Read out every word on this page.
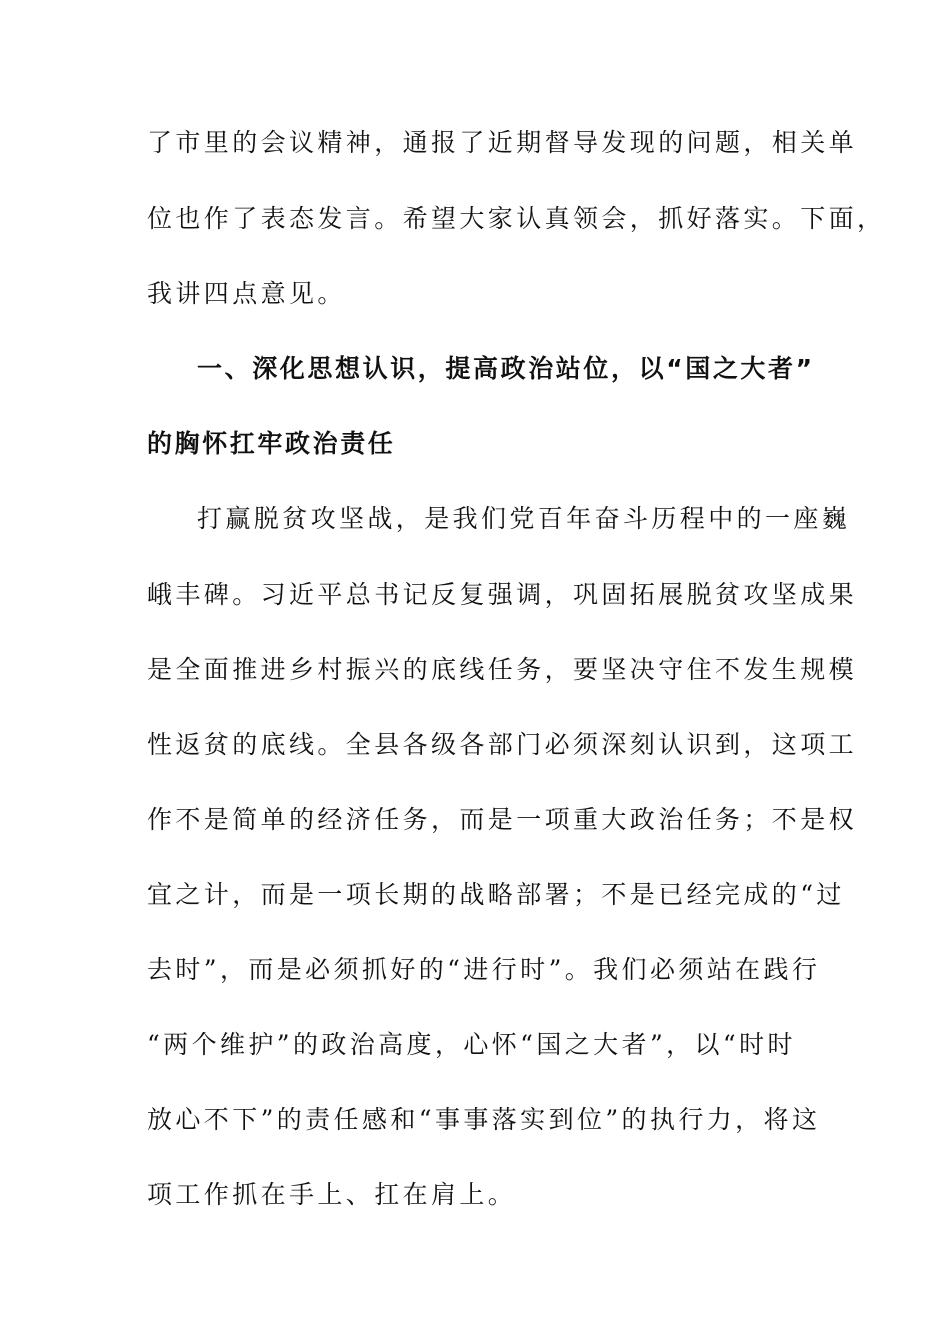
了市里的会议精神，通报了近期督导发现的问题，相关单
位也作了表态发言。希望大家认真领会，抓好落实。下面，
我讲四点意见。
一、深化思想认识，提高政治站位，以“国之大者”
的胸怀扛牢政治责任
打赢脱贫攻坚战，是我们党百年奋斗历程中的一座巍
峨丰碑。习近平总书记反复强调，巩固拓展脱贫攻坚成果
是全面推进乡村振兴的底线任务，要坚决守住不发生规模
性返贫的底线。全县各级各部门必须深刻认识到，这项工
作不是简单的经济任务，而是一项重大政治任务；不是权
宜之计，而是一项长期的战略部署；不是已经完成的“过
去时”，而是必须抓好的“进行时”。我们必须站在践行
“两个维护”的政治高度，心怀“国之大者”，以“时时
放心不下”的责任感和“事事落实到位”的执行力，将这
项工作抓在手上、扛在肩上。
